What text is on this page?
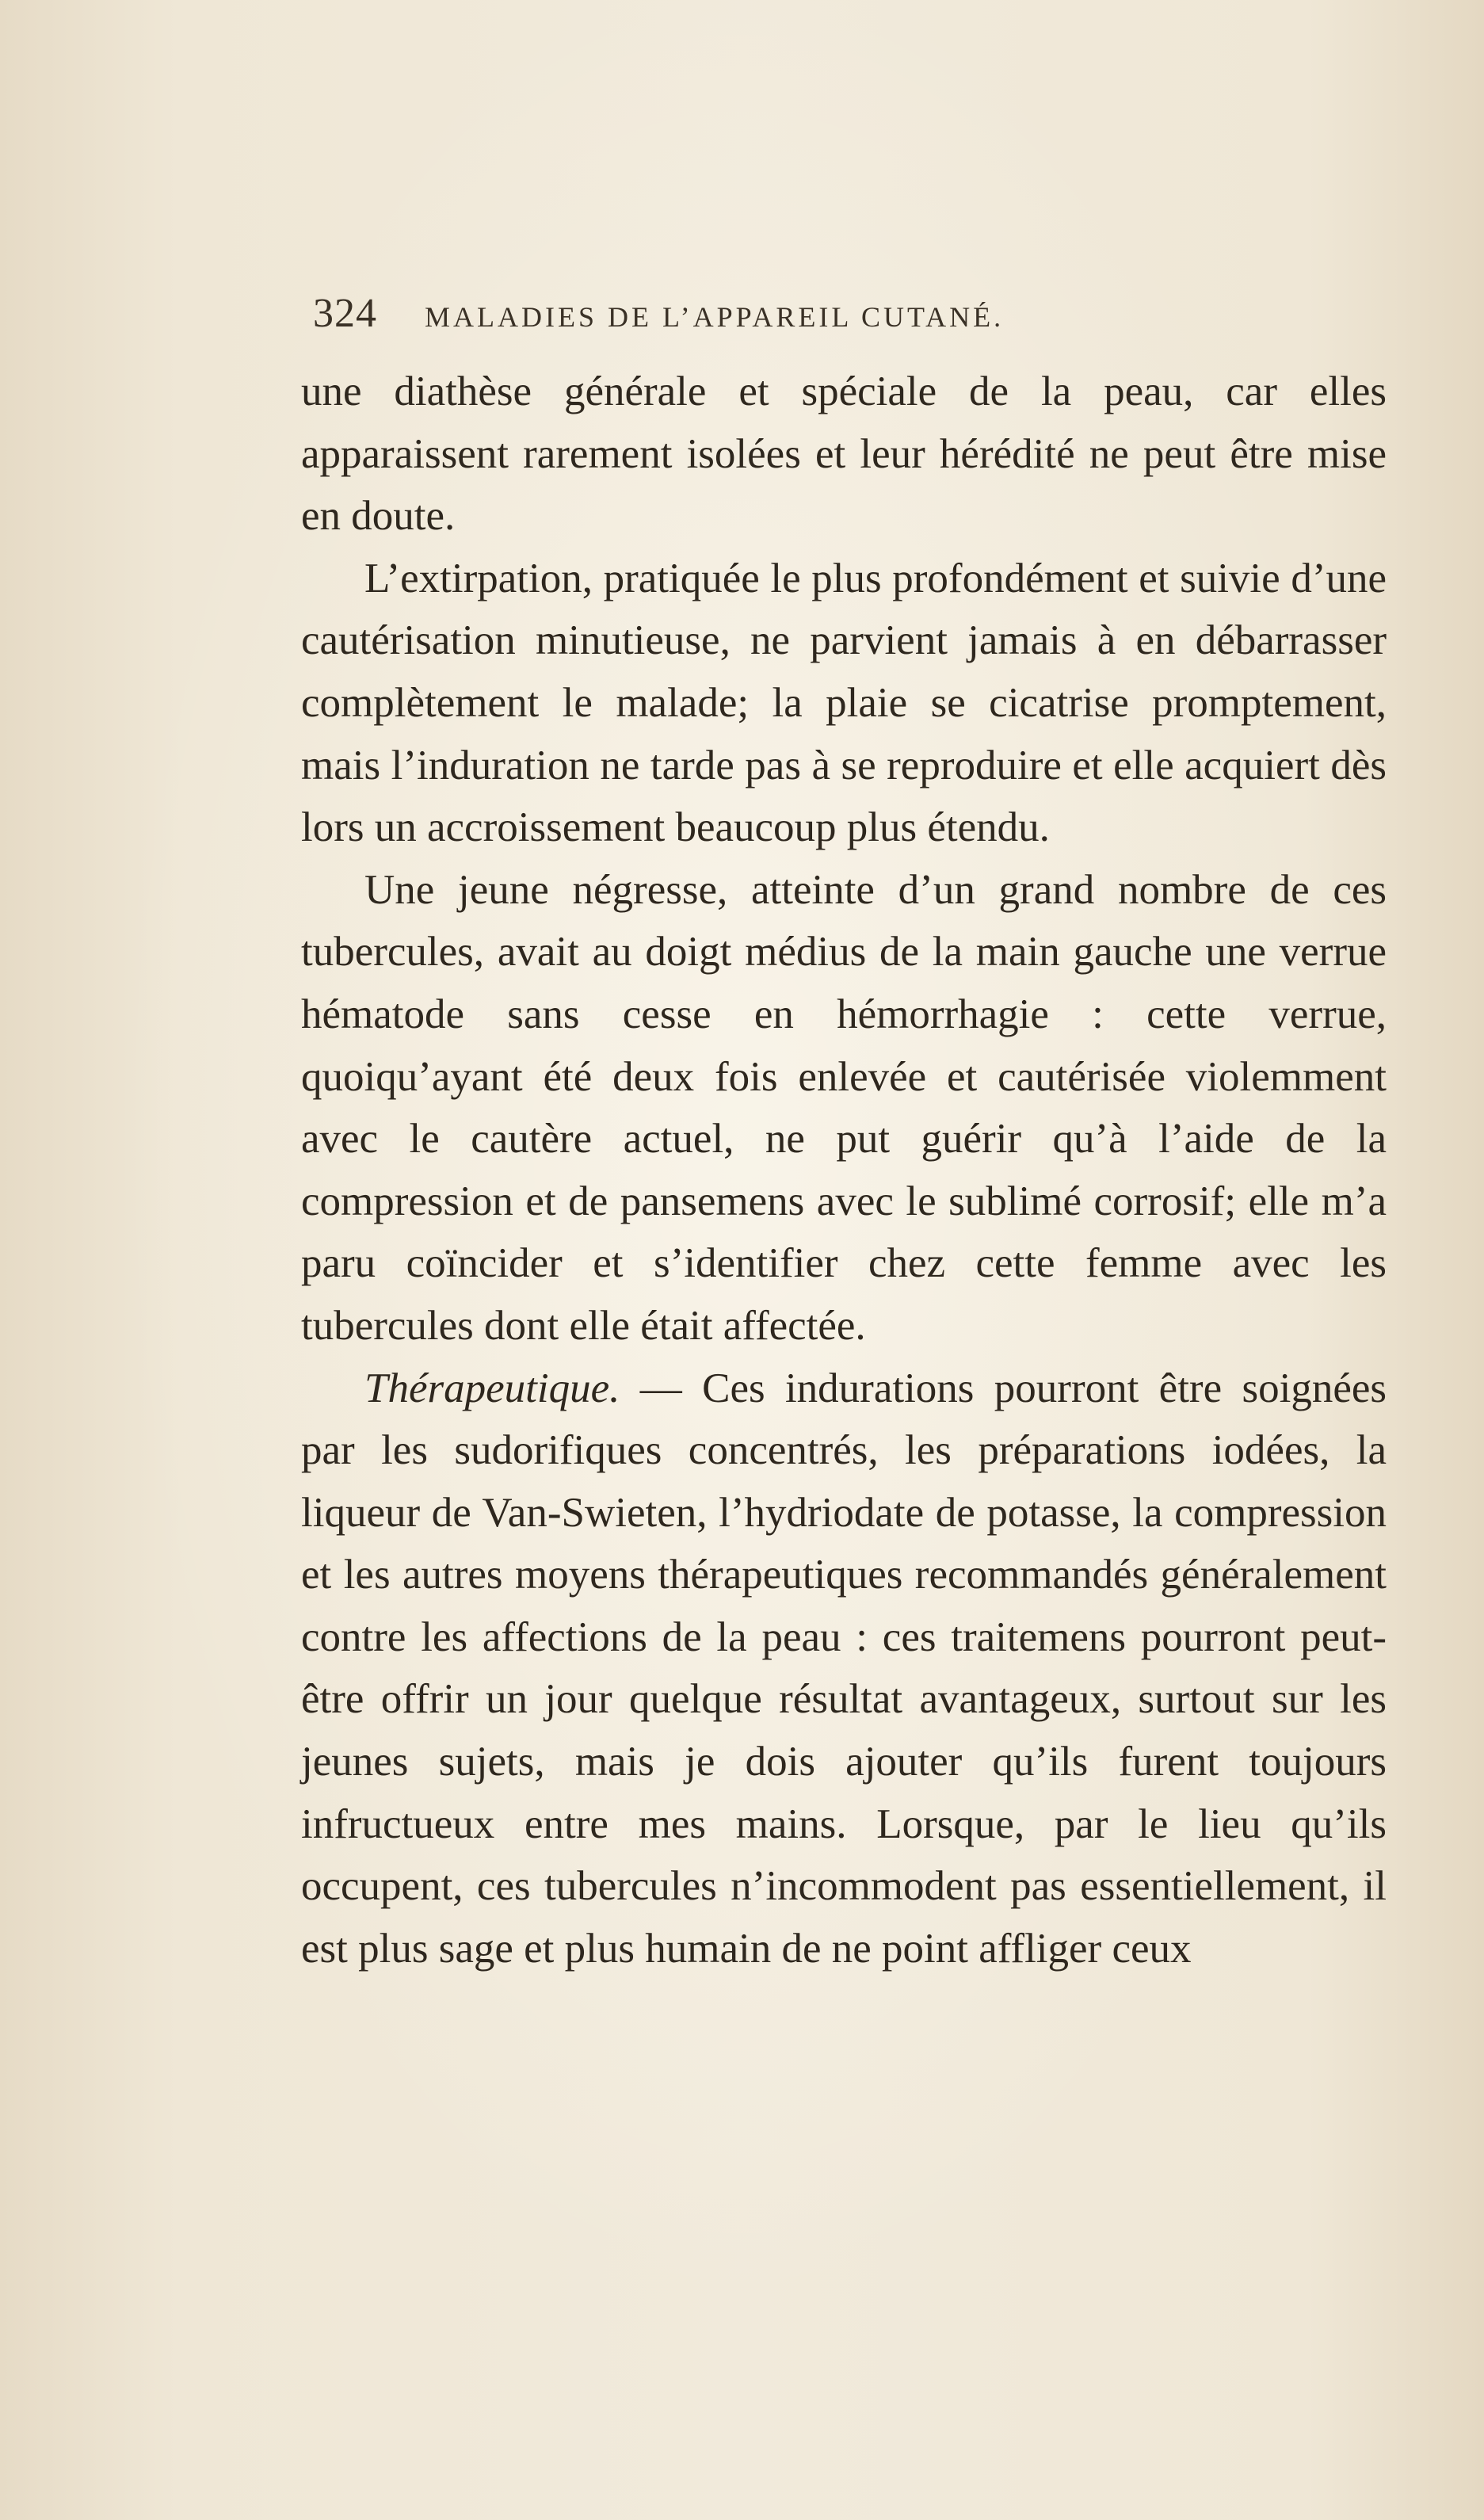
324 MALADIES DE L’APPAREIL CUTANÉ.

une diathèse générale et spéciale de la peau, car elles apparaissent rarement isolées et leur hérédité ne peut être mise en doute.

L’extirpation, pratiquée le plus profondément et suivie d’une cautérisation minutieuse, ne parvient jamais à en débarrasser complètement le malade; la plaie se cicatrise promptement, mais l’induration ne tarde pas à se reproduire et elle acquiert dès lors un accroissement beaucoup plus étendu.

Une jeune négresse, atteinte d’un grand nombre de ces tubercules, avait au doigt médius de la main gauche une verrue hématode sans cesse en hémorrhagie : cette verrue, quoiqu’ayant été deux fois enlevée et cautérisée violemment avec le cautère actuel, ne put guérir qu’à l’aide de la compression et de pansemens avec le sublimé corrosif; elle m’a paru coïncider et s’identifier chez cette femme avec les tubercules dont elle était affectée.

Thérapeutique. — Ces indurations pourront être soignées par les sudorifiques concentrés, les préparations iodées, la liqueur de Van-Swieten, l’hydriodate de potasse, la compression et les autres moyens thérapeutiques recommandés généralement contre les affections de la peau : ces traitemens pourront peut-être offrir un jour quelque résultat avantageux, surtout sur les jeunes sujets, mais je dois ajouter qu’ils furent toujours infructueux entre mes mains. Lorsque, par le lieu qu’ils occupent, ces tubercules n’incommodent pas essentiellement, il est plus sage et plus humain de ne point affliger ceux
